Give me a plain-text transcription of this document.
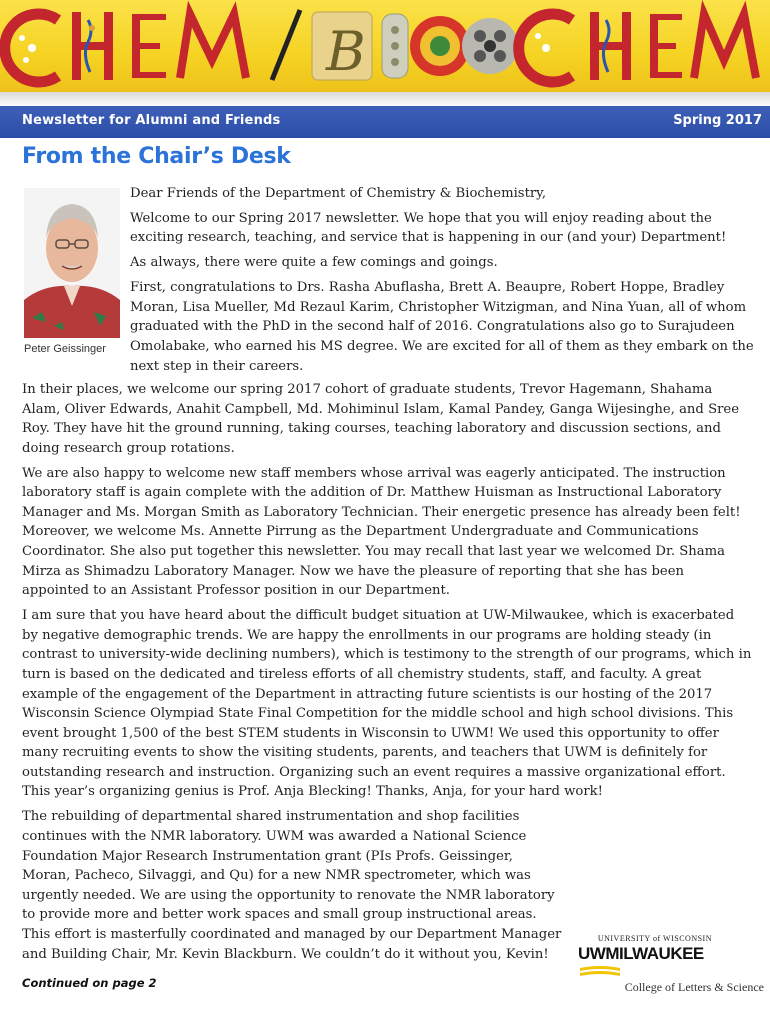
B
Newsletter for Alumni and Friends	Spring 2017
From the Chair’s Desk
Peter Geissinger

Dear Friends of the Department of Chemistry & Biochemistry,

Welcome to our Spring 2017 newsletter. We hope that you will enjoy reading about the exciting research, teaching, and service that is happening in our (and your) Department!

As always, there were quite a few comings and goings.

First, congratulations to Drs. Rasha Abuflasha, Brett A. Beaupre, Robert Hoppe, Bradley Moran, Lisa Mueller, Md Rezaul Karim, Christopher Witzigman, and Nina Yuan, all of whom graduated with the PhD in the second half of 2016. Congratulations also go to Surajudeen Omolabake, who earned his MS degree. We are excited for all of them as they embark on the next step in their careers.

In their places, we welcome our spring 2017 cohort of graduate students, Trevor Hagemann, Shahama Alam, Oliver Edwards, Anahit Campbell, Md. Mohiminul Islam, Kamal Pandey, Ganga Wijesinghe, and Sree Roy. They have hit the ground running, taking courses, teaching laboratory and discussion sections, and doing research group rotations.

We are also happy to welcome new staff members whose arrival was eagerly anticipated. The instruction laboratory staff is again complete with the addition of Dr. Matthew Huisman as Instructional Laboratory Manager and Ms. Morgan Smith as Laboratory Technician. Their energetic presence has already been felt! Moreover, we welcome Ms. Annette Pirrung as the Department Undergraduate and Communications Coordinator. She also put together this newsletter. You may recall that last year we welcomed Dr. Shama Mirza as Shimadzu Laboratory Manager. Now we have the pleasure of reporting that she has been appointed to an Assistant Professor position in our Department.

I am sure that you have heard about the difficult budget situation at UW-Milwaukee, which is exacerbated by negative demographic trends. We are happy the enrollments in our programs are holding steady (in contrast to university-wide declining numbers), which is testimony to the strength of our programs, which in turn is based on the dedicated and tireless efforts of all chemistry students, staff, and faculty. A great example of the engagement of the Department in attracting future scientists is our hosting of the 2017 Wisconsin Science Olympiad State Final Competition for the middle school and high school divisions. This event brought 1,500 of the best STEM students in Wisconsin to UWM! We used this opportunity to offer many recruiting events to show the visiting students, parents, and teachers that UWM is definitely for outstanding research and instruction. Organizing such an event requires a massive organizational effort. This year’s organizing genius is Prof. Anja Blecking! Thanks, Anja, for your hard work!

The rebuilding of departmental shared instrumentation and shop facilities continues with the NMR laboratory. UWM was awarded a National Science Foundation Major Research Instrumentation grant (PIs Profs. Geissinger, Moran, Pacheco, Silvaggi, and Qu) for a new NMR spectrometer, which was urgently needed. We are using the opportunity to renovate the NMR laboratory to provide more and better work spaces and small group instructional areas. This effort is masterfully coordinated and managed by our Department Manager and Building Chair, Mr. Kevin Blackburn. We couldn’t do it without you, Kevin!

Continued on page 2
UNIVERSITY of WISCONSIN
UWMILWAUKEE
College of Letters & Science
